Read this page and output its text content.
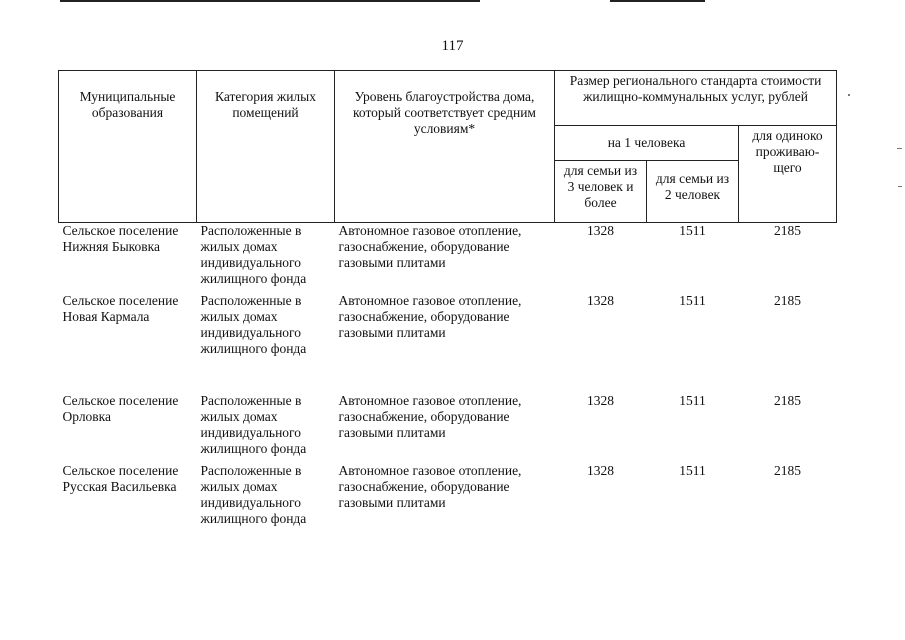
117
Муниципальные образования	Категория жилых помещений	Уровень благоустройства дома, который соответствует средним условиям*	Размер регионального стандарта стоимости жилищно-коммунальных услуг, рублей		
			на 1 человека		для одиноко проживаю-щего
			для семьи из 3 человек и более	для семьи из 2 человек	
Сельское поселение Нижняя Быковка	Расположенные в жилых домах индивидуального жилищного фонда	Автономное газовое отопление, газоснабжение, оборудование газовыми плитами	1328	1511	2185
Сельское поселение Новая Кармала	Расположенные в жилых домах индивидуального жилищного фонда	Автономное газовое отопление, газоснабжение, оборудование газовыми плитами	1328	1511	2185
Сельское поселение Орловка	Расположенные в жилых домах индивидуального жилищного фонда	Автономное газовое отопление, газоснабжение, оборудование газовыми плитами	1328	1511	2185
Сельское поселение Русская Васильевка	Расположенные в жилых домах индивидуального жилищного фонда	Автономное газовое отопление, газоснабжение, оборудование газовыми плитами	1328	1511	2185
